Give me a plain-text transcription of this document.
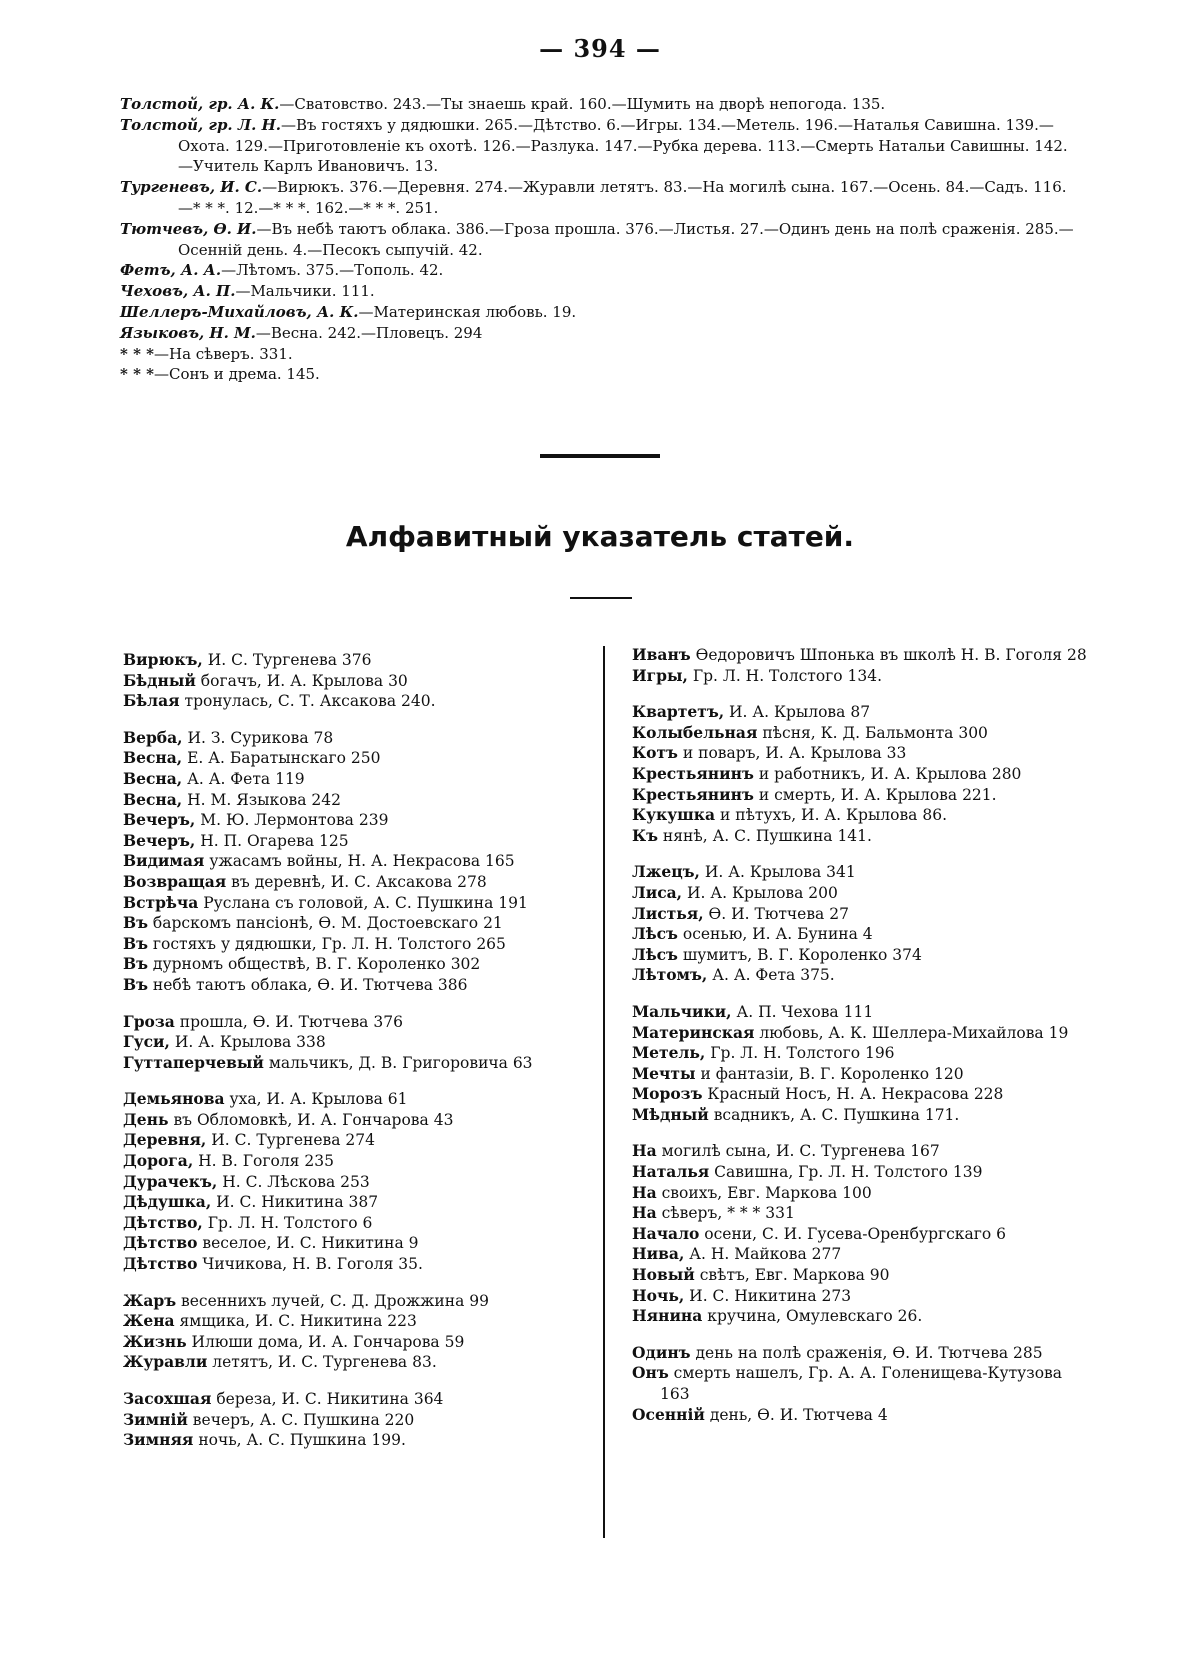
— 394 —
Толстой, гр. А. К.—Сватовство. 243.—Ты знаешь край. 160.—Шумить на дворѣ непогода. 135.
Толстой, гр. Л. Н.—Въ гостяхъ у дядюшки. 265.—Дѣтство. 6.—Игры. 134.—Метель. 196.—Наталья Савишна. 139.—Охота. 129.—Приготовленіе къ охотѣ. 126.—Разлука. 147.—Рубка дерева. 113.—Смерть Натальи Савишны. 142.—Учитель Карлъ Ивановичъ. 13.
Тургеневъ, И. С.—Вирюкъ. 376.—Деревня. 274.—Журавли летятъ. 83.—На могилѣ сына. 167.—Осень. 84.—Садъ. 116.—* * *. 12.—* * *. 162.—* * *. 251.
Тютчевъ, Ѳ. И.—Въ небѣ таютъ облака. 386.—Гроза прошла. 376.—Листья. 27.—Одинъ день на полѣ сраженія. 285.—Осенній день. 4.—Песокъ сыпучій. 42.
Фетъ, А. А.—Лѣтомъ. 375.—Тополь. 42.
Чеховъ, А. П.—Мальчики. 111.
Шеллеръ-Михайловъ, А. К.—Материнская любовь. 19.
Языковъ, Н. М.—Весна. 242.—Пловецъ. 294
* * *—На сѣверъ. 331.
* * *—Сонъ и дрема. 145.
Алфавитный указатель статей.
Вирюкъ, И. С. Тургенева 376
Бѣдный богачъ, И. А. Крылова 30
Бѣлая тронулась, С. Т. Аксакова 240.
Верба, И. З. Сурикова 78
Весна, Е. А. Баратынскаго 250
Весна, А. А. Фета 119
Весна, Н. М. Языкова 242
Вечеръ, М. Ю. Лермонтова 239
Вечеръ, Н. П. Огарева 125
Видимая ужасамъ войны, Н. А. Некрасова 165
Возвращая въ деревнѣ, И. С. Аксакова 278
Встрѣча Руслана съ головой, А. С. Пушкина 191
Въ барскомъ пансіонѣ, Ѳ. М. Достоевскаго 21
Въ гостяхъ у дядюшки, Гр. Л. Н. Толстого 265
Въ дурномъ обществѣ, В. Г. Короленко 302
Въ небѣ таютъ облака, Ѳ. И. Тютчева 386
Гроза прошла, Ѳ. И. Тютчева 376
Гуси, И. А. Крылова 338
Гуттаперчевый мальчикъ, Д. В. Григоровича 63
Демьянова уха, И. А. Крылова 61
День въ Обломовкѣ, И. А. Гончарова 43
Деревня, И. С. Тургенева 274
Дорога, Н. В. Гоголя 235
Дурачекъ, Н. С. Лѣскова 253
Дѣдушка, И. С. Никитина 387
Дѣтство, Гр. Л. Н. Толстого 6
Дѣтство веселое, И. С. Никитина 9
Дѣтство Чичикова, Н. В. Гоголя 35.
Жаръ весеннихъ лучей, С. Д. Дрожжина 99
Жена ямщика, И. С. Никитина 223
Жизнь Илюши дома, И. А. Гончарова 59
Журавли летятъ, И. С. Тургенева 83.
Засохшая береза, И. С. Никитина 364
Зимній вечеръ, А. С. Пушкина 220
Зимняя ночь, А. С. Пушкина 199.
Иванъ Ѳедоровичъ Шпонька въ школѣ Н. В. Гоголя 28
Игры, Гр. Л. Н. Толстого 134.
Квартетъ, И. А. Крылова 87
Колыбельная пѣсня, К. Д. Бальмонта 300
Котъ и поваръ, И. А. Крылова 33
Крестьянинъ и работникъ, И. А. Крылова 280
Крестьянинъ и смерть, И. А. Крылова 221.
Кукушка и пѣтухъ, И. А. Крылова 86.
Къ нянѣ, А. С. Пушкина 141.
Лжецъ, И. А. Крылова 341
Лиса, И. А. Крылова 200
Листья, Ѳ. И. Тютчева 27
Лѣсъ осенью, И. А. Бунина 4
Лѣсъ шумитъ, В. Г. Короленко 374
Лѣтомъ, А. А. Фета 375.
Мальчики, А. П. Чехова 111
Материнская любовь, А. К. Шеллера-Михайлова 19
Метель, Гр. Л. Н. Толстого 196
Мечты и фантазіи, В. Г. Короленко 120
Морозъ Красный Носъ, Н. А. Некрасова 228
Мѣдный всадникъ, А. С. Пушкина 171.
На могилѣ сына, И. С. Тургенева 167
Наталья Савишна, Гр. Л. Н. Толстого 139
На своихъ, Евг. Маркова 100
На сѣверъ, * * * 331
Начало осени, С. И. Гусева-Оренбургскаго 6
Нива, А. Н. Майкова 277
Новый свѣтъ, Евг. Маркова 90
Ночь, И. С. Никитина 273
Нянина кручина, Омулевскаго 26.
Одинъ день на полѣ сраженія, Ѳ. И. Тютчева 285
Онъ смерть нашелъ, Гр. А. А. Голенищева-Кутузова 163
Осенній день, Ѳ. И. Тютчева 4
